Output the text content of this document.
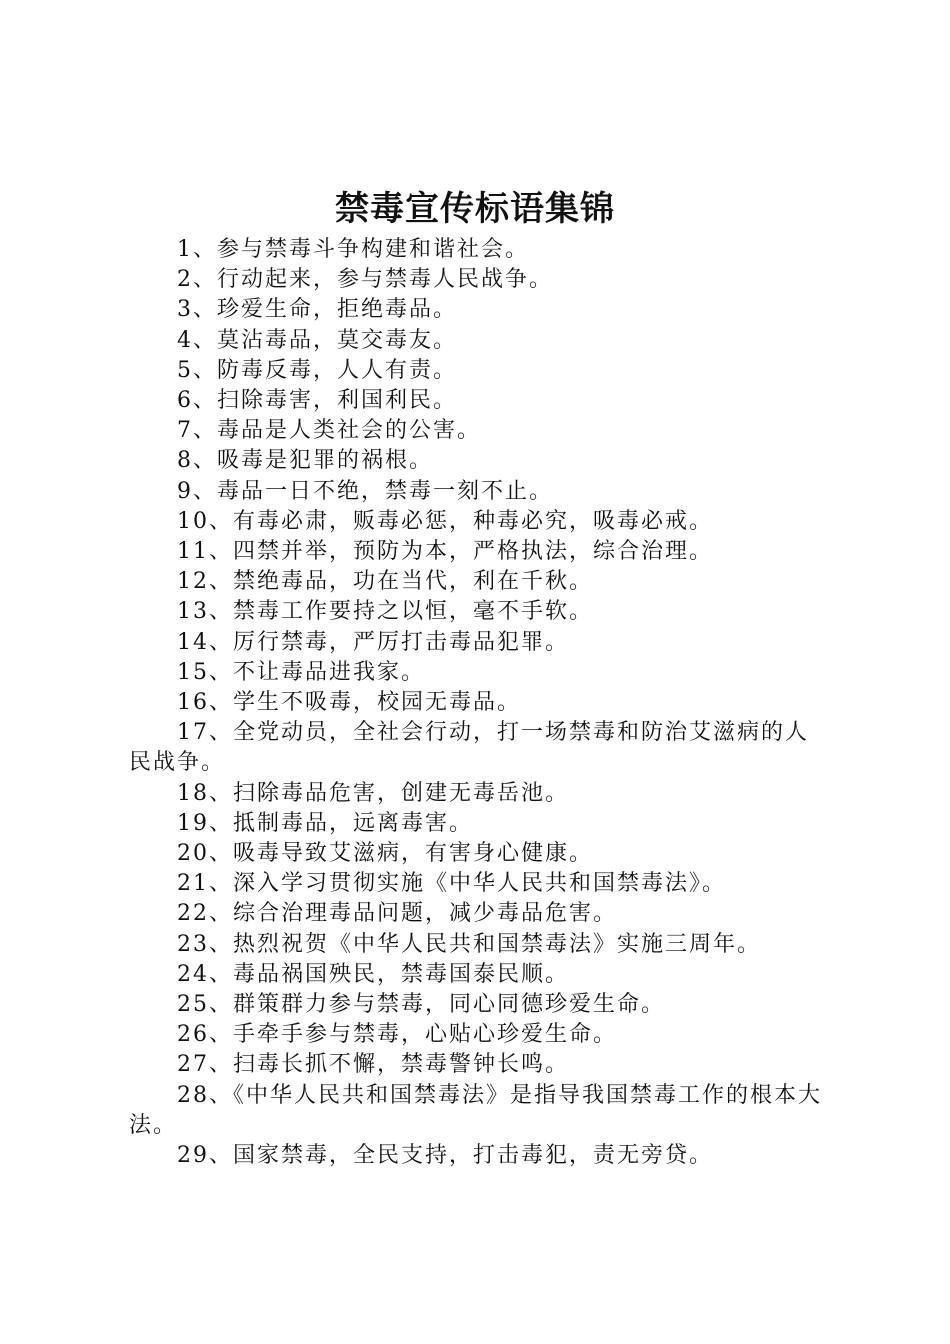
禁毒宣传标语集锦
1、参与禁毒斗争构建和谐社会。
2、行动起来，参与禁毒人民战争。
3、珍爱生命，拒绝毒品。
4、莫沾毒品，莫交毒友。
5、防毒反毒，人人有责。
6、扫除毒害，利国利民。
7、毒品是人类社会的公害。
8、吸毒是犯罪的祸根。
9、毒品一日不绝，禁毒一刻不止。
10、有毒必肃，贩毒必惩，种毒必究，吸毒必戒。
11、四禁并举，预防为本，严格执法，综合治理。
12、禁绝毒品，功在当代，利在千秋。
13、禁毒工作要持之以恒，毫不手软。
14、厉行禁毒，严厉打击毒品犯罪。
15、不让毒品进我家。
16、学生不吸毒，校园无毒品。
17、全党动员，全社会行动，打一场禁毒和防治艾滋病的人民战争。
18、扫除毒品危害，创建无毒岳池。
19、抵制毒品，远离毒害。
20、吸毒导致艾滋病，有害身心健康。
21、深入学习贯彻实施《中华人民共和国禁毒法》。
22、综合治理毒品问题，减少毒品危害。
23、热烈祝贺《中华人民共和国禁毒法》实施三周年。
24、毒品祸国殃民，禁毒国泰民顺。
25、群策群力参与禁毒，同心同德珍爱生命。
26、手牵手参与禁毒，心贴心珍爱生命。
27、扫毒长抓不懈，禁毒警钟长鸣。
28、《中华人民共和国禁毒法》是指导我国禁毒工作的根本大法。
29、国家禁毒，全民支持，打击毒犯，责无旁贷。
